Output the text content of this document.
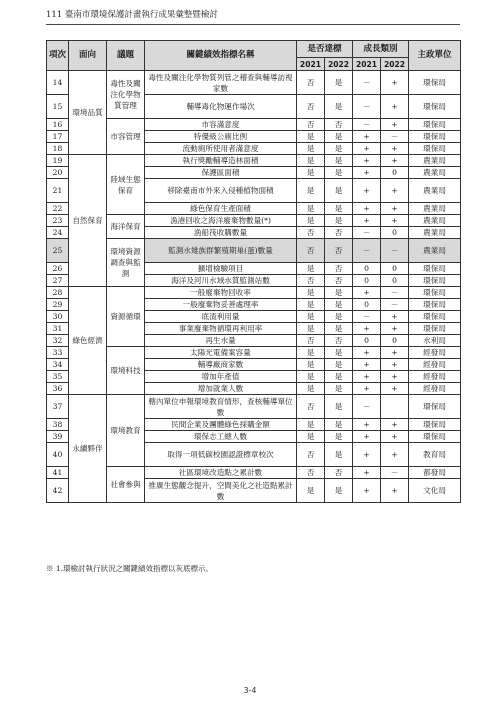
111 臺南市環境保護計畫執行成果彙整暨檢討
項次	面向	議題	關鍵績效指標名稱	是否達標		成長類別		主政單位
				2021	2022	2021	2022	
14	環境品質	毒性及關注化學物質管理	毒性及關注化學物質列管之稽查與輔導訪視家數	否	是	－	+	環保局
15			輔導毒化物運作場次	否	是	－	+	環保局
16		市容管理	市容滿意度	否	否	－	+	環保局
17			特優級公廁比例	是	是	+	－	環保局
18			流動廁所使用者滿意度	是	是	+	+	環保局
19	自然保育	陸域生態保育	執行獎勵輔導造林面積	是	是	+	+	農業局
20			保護區面積	是	是	+	0	農業局
21			移除臺南市外來入侵種植物面積	是	是	+	+	農業局
22			綠色保育生產面積	是	是	+	+	農業局
23		海洋保育	漁港回收之海洋廢棄物數量(*)	是	是	+	+	農業局
24			漁船筏收購數量	否	否	－	0	農業局
25		環境資源調查與監測	監測水雉族群繁殖期巢(蛋)數量	否	否	－	－	農業局
26			擴增檢驗項目	是	否	0	0	環保局
27			海洋及河川水域水質監測站數	否	否	0	0	環保局
28	綠色經濟	資源循環	一般廢棄物回收率	是	是	+	－	環保局
29			一般廢棄物妥善處理率	是	是	0	－	環保局
30			底渣利用量	是	是	－	+	環保局
31			事業廢棄物循環再利用率	是	是	+	+	環保局
32			再生水量	否	否	0	0	水利局
33		環境科技	太陽光電備案容量	是	是	+	+	經發局
34			輔導廠商家數	是	是	+	+	經發局
35			增加年產值	是	是	+	+	經發局
36			增加就業人數	是	是	+	+	經發局
37	永續夥伴	環境教育	轄內單位申報環境教育情形，查核輔導單位數	否	是	－		環保局
38			民間企業及團體綠色採購金額	是	是	+	+	環保局
39			環保志工總人數	是	是	+	+	環保局
40			取得一項低碳校園認證標章校次	否	是	+	+	教育局
41		社會參與	社區環境改造點之累計數	否	否	+	－	都發局
42			推廣生態觀念提升，空間美化之社造點累計數	是	是	+	+	文化局
※ 1.環檢討執行狀況之關鍵績效指標以灰底標示。
3-4
